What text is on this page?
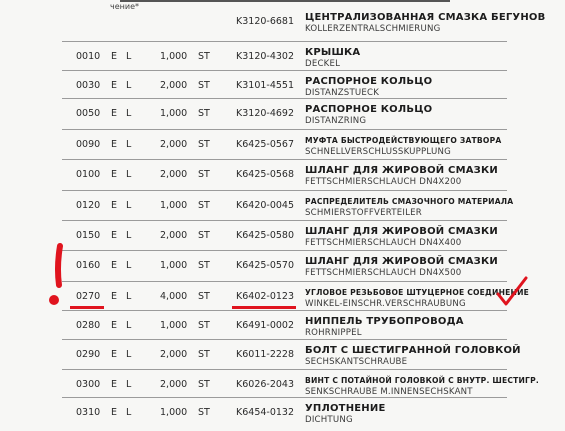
чение*
K3120-6681 ЦЕНТРАЛИЗОВАННАЯ СМАЗКА БЕГУНОВ
KOLLERZENTRALSCHMIERUNG
0010 E L	1,000 ST	K3120-4302 КРЫШКА
DECKEL
0030 E L	2,000 ST	K3101-4551 РАСПОРНОЕ КОЛЬЦО
DISTANZSTUECK
0050 E L	1,000 ST	K3120-4692 РАСПОРНОЕ КОЛЬЦО
DISTANZRING
0090 E L	2,000 ST	K6425-0567 МУФТА БЫСТРОДЕЙСТВУЮЩЕГО ЗАТВОРА
SCHNELLVERSCHLUSSKUPPLUNG
0100 E L	2,000 ST	K6425-0568 ШЛАНГ ДЛЯ ЖИРОВОЙ СМАЗКИ
FETTSCHMIERSCHLAUCH DN4X200
0120 E L	1,000 ST	K6420-0045 РАСПРЕДЕЛИТЕЛЬ СМАЗОЧНОГО МАТЕРИАЛА
SCHMIERSTOFFVERTEILER
0150 E L	2,000 ST	K6425-0580 ШЛАНГ ДЛЯ ЖИРОВОЙ СМАЗКИ
FETTSCHMIERSCHLAUCH DN4X400
0160 E L	1,000 ST	K6425-0570 ШЛАНГ ДЛЯ ЖИРОВОЙ СМАЗКИ
FETTSCHMIERSCHLAUCH DN4X500
0270 E L	4,000 ST	K6402-0123 УГЛОВОЕ РЕЗЬБОВОЕ ШТУЦЕРНОЕ СОЕДИНЕНИЕ
WINKEL-EINSCHR.VERSCHRAUBUNG
0280 E L	1,000 ST	K6491-0002 НИППЕЛЬ ТРУБОПРОВОДА
ROHRNIPPEL
0290 E L	2,000 ST	K6011-2228 БОЛТ С ШЕСТИГРАННОЙ ГОЛОВКОЙ
SECHSKANTSCHRAUBE
0300 E L	2,000 ST	K6026-2043 ВИНТ С ПОТАЙНОЙ ГОЛОВКОЙ С ВНУТР. ШЕСТИГР.
SENKSCHRAUBE M.INNENSECHSKANT
0310 E L	1,000 ST	K6454-0132 УПЛОТНЕНИЕ
DICHTUNG
